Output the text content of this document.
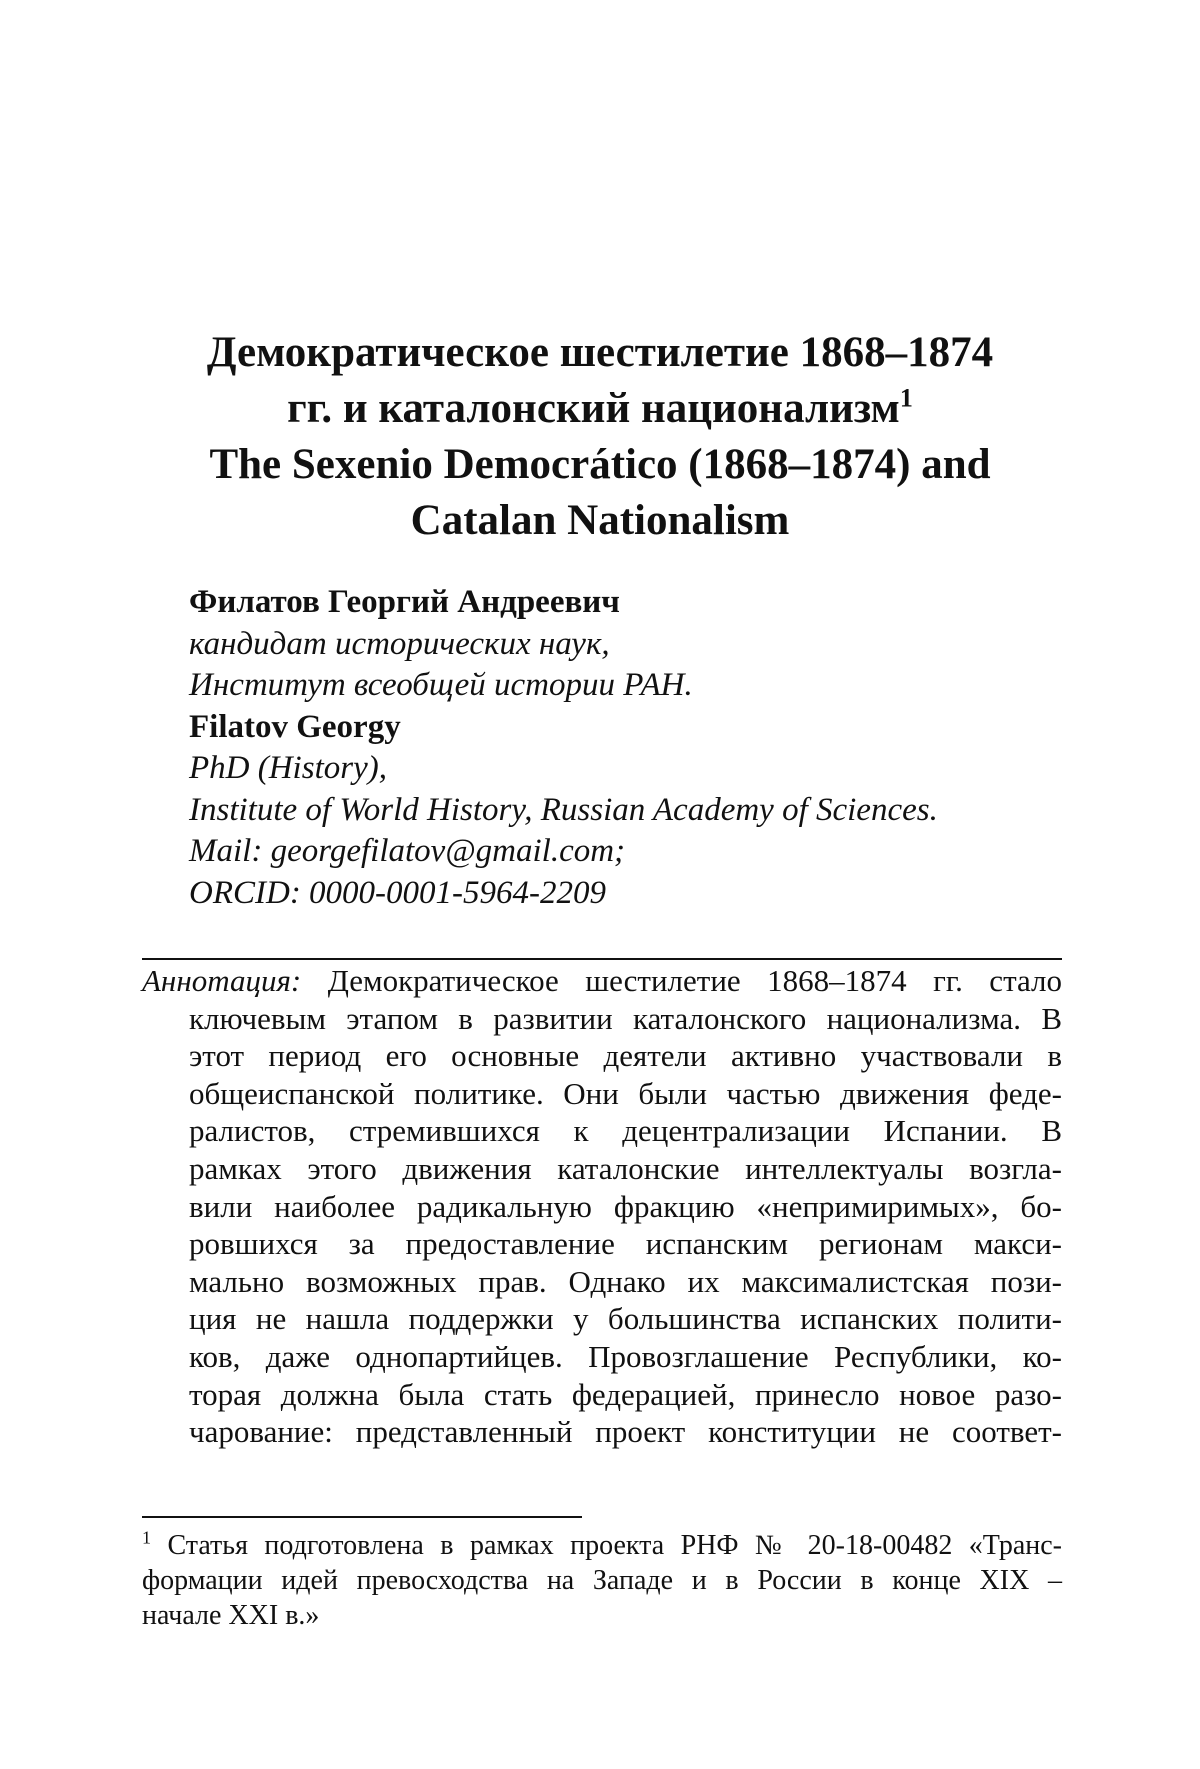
Демократическое шестилетие 1868–1874
гг. и каталонский национализм$^1$
The Sexenio Democrático (1868–1874) and
Catalan Nationalism
Филатов Георгий Андреевич
кандидат исторических наук,
Институт всеобщей истории РАН.
Filatov Georgy
PhD (History),
Institute of World History, Russian Academy of Sciences.
Mail: georgefilatov@gmail.com;
ORCID: 0000-0001-5964-2209
Аннотация: Демократическое шестилетие 1868–1874 гг. стало
ключевым этапом в развитии каталонского национализма. В
этот период его основные деятели активно участвовали в
общеиспанской политике. Они были частью движения феде-
ралистов, стремившихся к децентрализации Испании. В
рамках этого движения каталонские интеллектуалы возгла-
вили наиболее радикальную фракцию «непримиримых», бо-
ровшихся за предоставление испанским регионам макси-
мально возможных прав. Однако их максималистская пози-
ция не нашла поддержки у большинства испанских полити-
ков, даже однопартийцев. Провозглашение Республики, ко-
торая должна была стать федерацией, принесло новое разо-
чарование: представленный проект конституции не соответ-
$^1$ Статья подготовлена в рамках проекта РНФ № 20-18-00482 «Транс-
формации идей превосходства на Западе и в России в конце XIX –
начале XXI в.»
